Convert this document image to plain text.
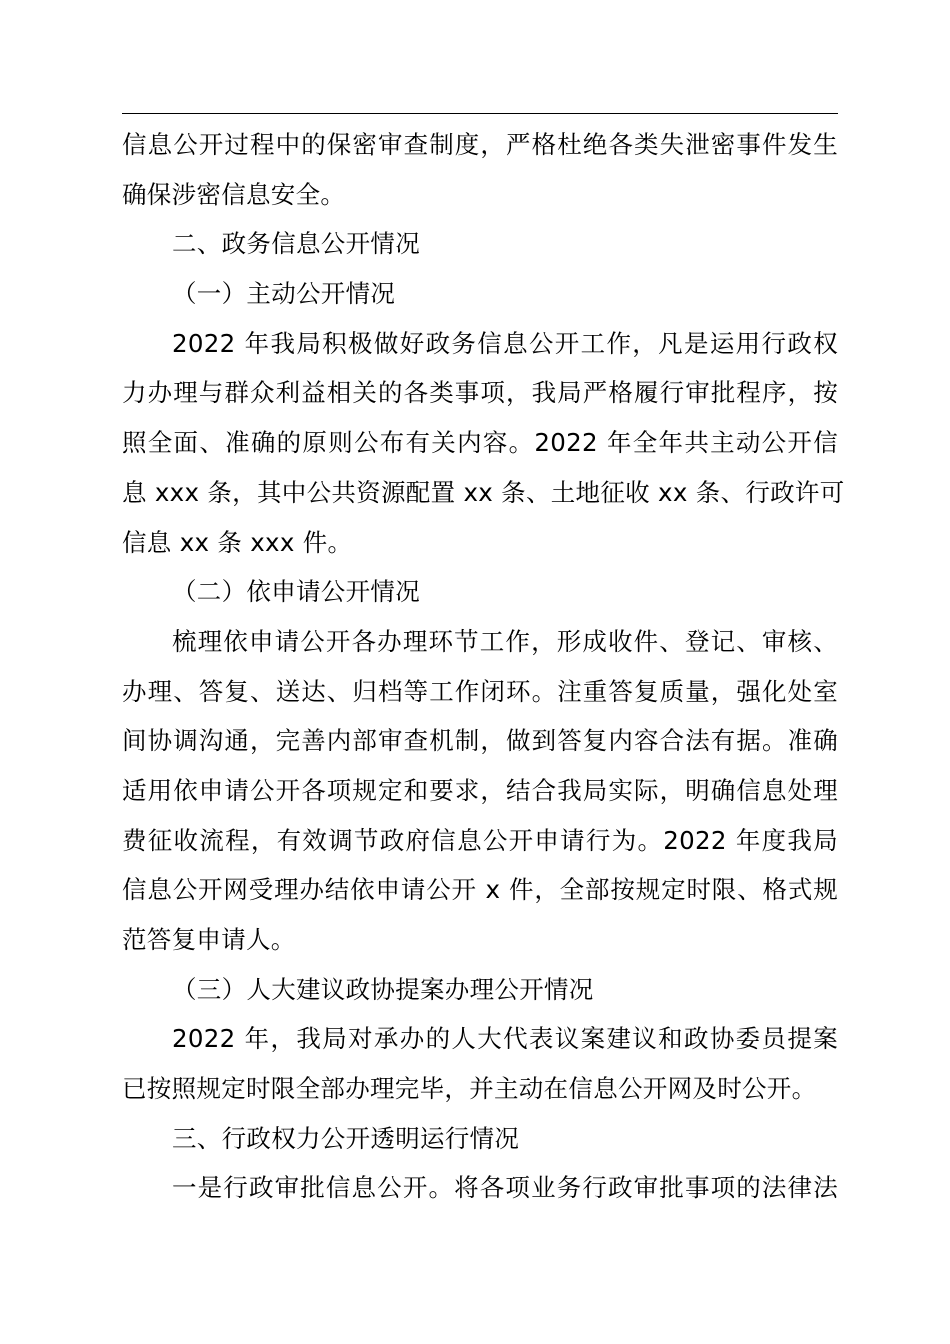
信息公开过程中的保密审查制度，严格杜绝各类失泄密事件发生
确保涉密信息安全。
二、政务信息公开情况
（一）主动公开情况
2022 年我局积极做好政务信息公开工作，凡是运用行政权
力办理与群众利益相关的各类事项，我局严格履行审批程序，按
照全面、准确的原则公布有关内容。2022 年全年共主动公开信
息 xxx 条，其中公共资源配置 xx 条、土地征收 xx 条、行政许可
信息 xx 条 xxx 件。
（二）依申请公开情况
梳理依申请公开各办理环节工作，形成收件、登记、审核、
办理、答复、送达、归档等工作闭环。注重答复质量，强化处室
间协调沟通，完善内部审查机制，做到答复内容合法有据。准确
适用依申请公开各项规定和要求，结合我局实际，明确信息处理
费征收流程，有效调节政府信息公开申请行为。2022 年度我局
信息公开网受理办结依申请公开 x 件，全部按规定时限、格式规
范答复申请人。
（三）人大建议政协提案办理公开情况
2022 年，我局对承办的人大代表议案建议和政协委员提案
已按照规定时限全部办理完毕，并主动在信息公开网及时公开。
三、行政权力公开透明运行情况
一是行政审批信息公开。将各项业务行政审批事项的法律法
